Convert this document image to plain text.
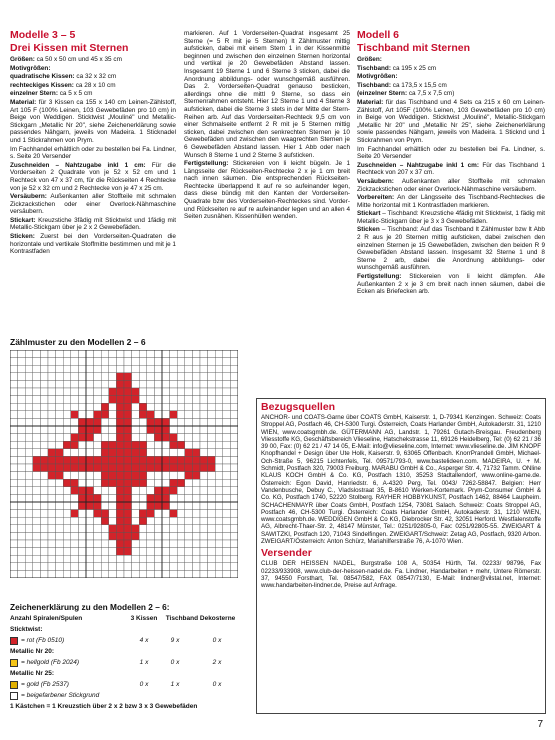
Modelle 3 – 5

Drei Kissen mit Sternen

Größen: ca 50 x 50 cm und 45 x 35 cm

Motivgrößen:

quadratische Kissen: ca 32 x 32 cm

rechteckiges Kissen: ca 28 x 10 cm

einzelner Stern: ca 5 x 5 cm

Material: für 3 Kissen ca 155 x 140 cm Leinen-Zählstoff, Art 105 F (100% Leinen, 103 Gewebefäden pro 10 cm) in Beige von Weddigen. Sticktwist „Mouliné" und Metallic-Stickgarn „Metallic Nr 20", siehe Zeichenerklärung sowie passendes Nähgarn, jeweils von Madeira. 1 Sticknadel und 1 Stickrahmen von Prym.

Im Fachhandel erhältlich oder zu bestellen bei Fa. Lindner, s. Seite 20 Versender

Zuschneiden – Nahtzugabe inkl 1 cm: Für die Vorderseiten 2 Quadrate von je 52 x 52 cm und 1 Rechteck von 47 x 37 cm, für die Rückseiten 4 Rechtecke von je 52 x 32 cm und 2 Rechtecke von je 47 x 25 cm.

Versäubern: Außenkanten aller Stoffteile mit schmalen Zickzackstichen oder einer Overlock-Nähmaschine versäubern.

Stickart: Kreuzstiche 3fädig mit Sticktwist und 1fädig mit Metallic-Stickgarn über je 2 x 2 Gewebefäden.

Sticken: Zuerst bei den Vorderseiten-Quadraten die horizontale und vertikale Stoffmitte bestimmen und mit je 1 Kontrastfaden

markieren. Auf 1 Vorderseiten-Quadrat insgesamt 25 Sterne (= 5 R mit je 5 Sternen) lt Zählmuster mittig aufsticken, dabei mit einem Stern 1 in der Kissenmitte beginnen und zwischen den einzelnen Sternen horizontal und vertikal je 20 Gewebefäden Abstand lassen. Insgesamt 19 Sterne 1 und 6 Sterne 3 sticken, dabei die Anordnung abbildungs- oder wunschgemäß ausführen. Das 2. Vorderseiten-Quadrat genauso besticken, allerdings ohne die mittl 9 Sterne, so dass ein Sternenrahmen entsteht. Hier 12 Sterne 1 und 4 Sterne 3 aufsticken, dabei die Sterne 3 stets in der Mitte der Stern-Reihen arb. Auf das Vorderseiten-Rechteck 9,5 cm von einer Schmalseite entfernt 2 R mit je 5 Sternen mittig sticken, dabei zwischen den senkrechten Sternen je 10 Gewebefäden und zwischen den waagrechten Sternen je 6 Gewebefäden Abstand lassen. Hier 1 Abb oder nach Wunsch 8 Sterne 1 und 2 Sterne 3 aufsticken.

Fertigstellung: Stickereien von li leicht bügeln. Je 1 Längsseite der Rückseiten-Rechtecke 2 x je 1 cm breit nach innen säumen. Die entsprechenden Rückseiten-Rechtecke überlappend lt auf re so aufeinander legen, dass diese bündig mit den Kanten der Vorderseiten-Quadrate bzw des Vorderseiten-Rechteckes sind. Vorder- und Rückseiten re auf re aufeinander legen und an allen 4 Seiten zusnähen. Kissenhüllen wenden.

Modell 6

Tischband mit Sternen

Größen:

Tischband: ca 195 x 25 cm

Motivgrößen:

Tischband: ca 173,5 x 15,5 cm

(einzelner Stern: ca 7,5 x 7,5 cm)

Material: für das Tischband und 4 Sets ca 215 x 60 cm Leinen-Zählstoff, Art 105F (100% Leinen, 103 Gewebefäden pro 10 cm) in Beige von Weddigen. Sticktwist „Mouliné", Metallic-Stickgarn „Metallic Nr 20" und „Metallic Nr 25", siehe Zeichenerklärung sowie passendes Nähgarn, jeweils von Madeira. 1 Sticknd und 1 Stickrahmen von Prym.

Im Fachhandel erhältlich oder zu bestellen bei Fa. Lindner, s. Seite 20 Versender

Zuschneiden – Nahtzugabe inkl 1 cm: Für das Tischband 1 Rechteck von 207 x 37 cm.

Versäubern: Außenkanten aller Stoffteile mit schmalen Zickzackstichen oder einer Overlock-Nähmaschine versäubern.

Vorbereiten: An der Längsseite des Tischband-Rechteckes die Mitte horizontal mit 1 Kontrastfaden markieren.

Stickart – Tischband: Kreuzstiche 4fädig mit Sticktwist, 1 fädig mit Metallic-Stickgarn über je 3 x 3 Gewebefäden.

Sticken – Tischband: Auf das Tischband lt Zählmuster bzw lt Abb 2 R aus je 20 Sternen mittig aufsticken, dabei zwischen den einzelnen Sternen je 15 Gewebefäden, zwischen den beiden R 9 Gewebefäden Abstand lassen. Insgesamt 32 Sterne 1 und 8 Sterne 2 arb, dabei die Anordnung abbildungs- oder wunschgemäß ausführen.

Fertigstellung: Stickereien von li leicht dämpfen. Alle Außenkanten 2 x je 3 cm breit nach innen säumen, dabei die Ecken als Briefecken arb.

Zählmuster zu den Modellen 2 – 6

Zeichenerklärung zu den Modellen 2 – 6:
Anzahl Spiralen/Spulen	3 Kissen	Tischband Dekosterne
Sticktwist:
= rot (Fb 0510)	4 x	9 x	0 x
Metallic Nr 20:
= hellgold (Fb 2024)	1 x	0 x	2 x
Metallic Nr 25:
= gold (Fb 2537)	0 x	1 x	0 x
= beigefarbener Stickgrund
1 Kästchen = 1 Kreuzstich über 2 x 2 bzw 3 x 3 Gewebefäden

Bezugsquellen

ANCHOR- und COATS-Garne über COATS GmbH, Kaiserstr. 1, D-79341 Kenzingen. Schweiz: Coats Stroppel AG, Postfach 46, CH-5300 Turgi. Österreich, Coats Harlander GmbH, Autokaderstr. 31, 1210 WIEN, www.coatsgmbh.de. GÜTERMANN AG, Landstr. 1, 79261 Gutach-Breisgau. Freudenberg Vliesstoffe KG, Geschäftsbereich Vlieseline, Hatschekstrasse 11, 69126 Heidelberg, Tel: (0) 62 21 / 36 39 00, Fax: (0) 62 21 / 47 14 05, E-Mail: info@vlieseline.com, Internet: www.vlieseline.de. JIM KNOPF Knopfhandel + Design über Ute Holk, Kaiserstr. 9, 63065 Offenbach. KnorrPrandell GmbH, Michael-Och-Straße 5, 96215 Lichtenfels, Tel. 09571/793-0, www.bastelideen.com. MADEIRA, U. + M. Schmidt, Postfach 320, 79003 Freiburg. MARABU GmbH & Co., Asperger Str. 4, 71732 Tamm. ONline KLAUS KOCH GmbH & Co. KG, Postfach 1310, 35253 Stadtallendorf, www.online-garne.de. Österreich: Egon David, Hanriedstr. 6, A-4320 Perg, Tel. 0043/ 7262-58847. Belgien: Herr Vandenbusche, Debuy C., Vladslostraat 35, B-8610 Werken-Kortemark. Prym-Consumer GmbH & Co. KG, Postfach 1740, 52220 Stolberg. RAYHER HOBBYKUNST, Postfach 1462, 88464 Laupheim. SCHACHENMAYR über Coats GmbH, Postfach 1254, 73081 Salach. Schweiz: Coats Stroppel AG, Postfach 46, CH-5300 Turgi. Österreich: Coats Harlander GmbH, Autokaderstr. 31, 1210 WIEN, www.coatsgmbh.de. WEDDIGEN GmbH & Co KG, Diebrocker Str. 42, 32051 Herford. Westfalenstoffe AG, Albrecht-Thaer-Str. 2, 48147 Münster, Tel.: 0251/92805-0, Fax: 0251/92805-55. ZWEIGART & SAWITZKI, Postfach 120, 71043 Sindelfingen. ZWEIGART/Schweiz: Zetag AG, Postfach, 9320 Arbon. ZWEIGART/Österreich: Anton Schürz, Mariahilferstraße 76, A-1070 Wien.

Versender

CLUB DER HEISSEN NADEL, Burgstraße 108 A, 50354 Hürth, Tel. 02233/ 98796, Fax 02233/933908, www.club-der-heissen-nadel.de. Fa. Lindner, Handarbeiten + mehr, Untere Römerstr. 37, 94550 Forsthart, Tel. 08547/582, FAX 08547/7130, E-Mail: lindner@vilstal.net, Internet: www.handarbeiten-lindner.de, Preise auf Anfrage.

7
